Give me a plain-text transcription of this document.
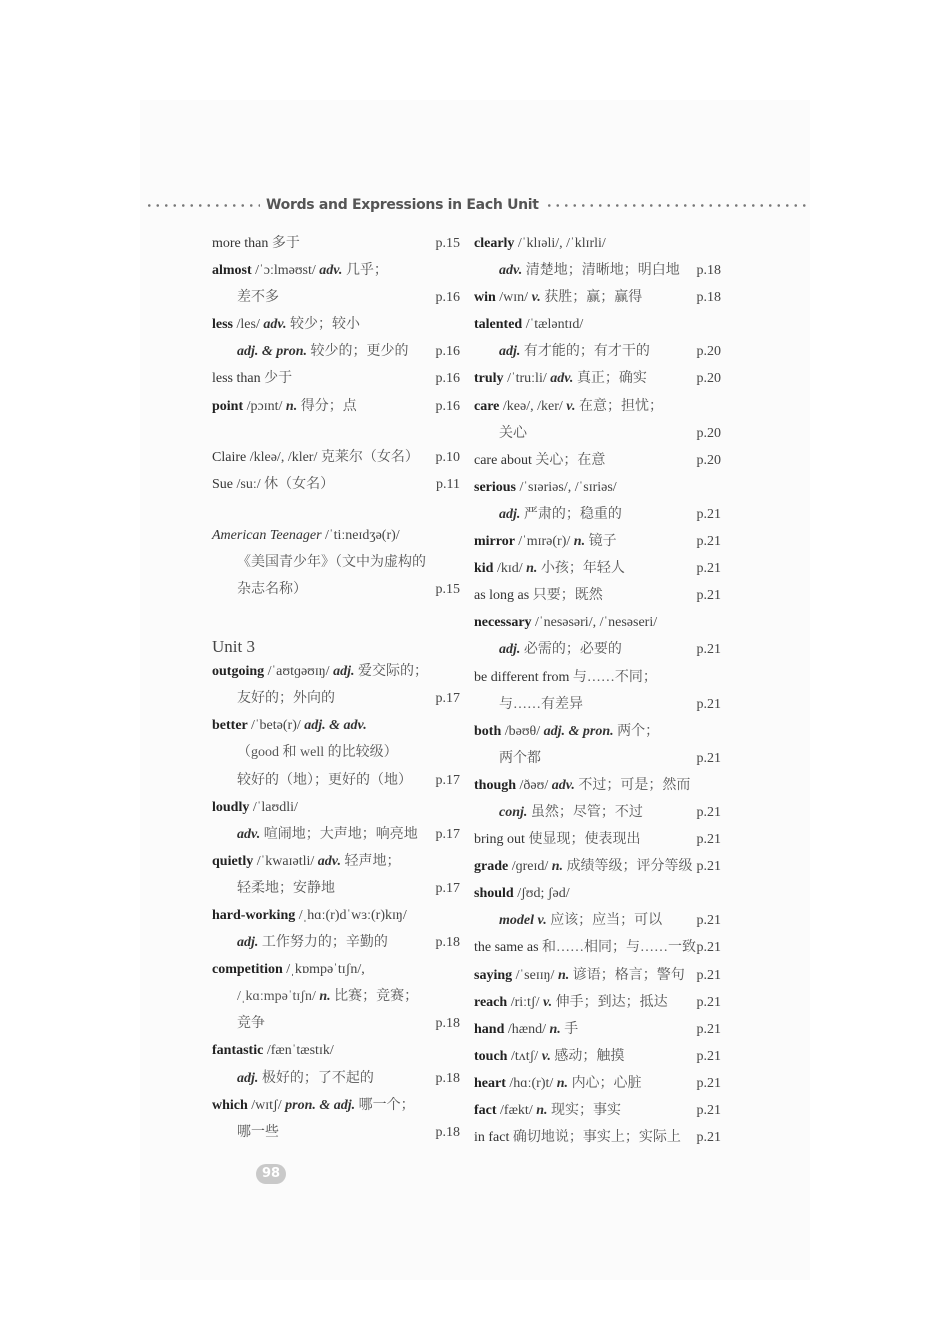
Words and Expressions in Each Unit
more than 多于	p.15
almost /ˈɔːlməʊst/ adv. 几乎；
差不多	p.16
less /les/ adv. 较少；较小
adj. & pron. 较少的；更少的 p.16
less than 少于	p.16
point /pɔɪnt/ n. 得分；点	p.16
Claire /kleə/, /kler/ 克莱尔（女名） p.10
Sue /suː/ 休（女名）	p.11
American Teenager /ˈtiːneɪdʒə(r)/
《美国青少年》（文中为虚构的
杂志名称）	p.15
Unit 3
outgoing /ˈaʊtɡəʊɪŋ/ adj. 爱交际的；
友好的；外向的	p.17
better /ˈbetə(r)/ adj. & adv.
（good 和 well 的比较级）
较好的（地）；更好的（地） p.17
loudly /ˈlaʊdli/
adv. 喧闹地；大声地；响亮地 p.17
quietly /ˈkwaɪətli/ adv. 轻声地；
轻柔地；安静地	p.17
hard-working /ˌhɑː(r)dˈwɜː(r)kɪŋ/
adj. 工作努力的；辛勤的	p.18
competition /ˌkɒmpəˈtɪʃn/,
/ˌkɑːmpəˈtɪʃn/ n. 比赛；竞赛；
竞争	p.18
fantastic /fænˈtæstɪk/
adj. 极好的；了不起的	p.18
which /wɪtʃ/ pron. & adj. 哪一个；
哪一些	p.18
clearly /ˈklɪəli/, /ˈklɪrli/
adv. 清楚地；清晰地；明白地 p.18
win /wɪn/ v. 获胜；赢；赢得	p.18
talented /ˈtæləntɪd/
adj. 有才能的；有才干的	p.20
truly /ˈtruːli/ adv. 真正；确实	p.20
care /keə/, /ker/ v. 在意；担忧；
关心	p.20
care about 关心；在意	p.20
serious /ˈsɪəriəs/, /ˈsɪriəs/
adj. 严肃的；稳重的	p.21
mirror /ˈmɪrə(r)/ n. 镜子	p.21
kid /kɪd/ n. 小孩；年轻人	p.21
as long as 只要；既然	p.21
necessary /ˈnesəsəri/, /ˈnesəseri/
adj. 必需的；必要的	p.21
be different from 与……不同；
与……有差异	p.21
both /bəʊθ/ adj. & pron. 两个；
两个都	p.21
though /ðəʊ/ adv. 不过；可是；然而
conj. 虽然；尽管；不过	p.21
bring out 使显现；使表现出	p.21
grade /ɡreɪd/ n. 成绩等级；评分等级 p.21
should /ʃʊd; ʃəd/
model v. 应该；应当；可以 p.21
the same as 和……相同；与……一致 p.21
saying /ˈseɪɪŋ/ n. 谚语；格言；警句 p.21
reach /riːtʃ/ v. 伸手；到达；抵达 p.21
hand /hænd/ n. 手	p.21
touch /tʌtʃ/ v. 感动；触摸	p.21
heart /hɑː(r)t/ n. 内心；心脏	p.21
fact /fækt/ n. 现实；事实	p.21
in fact 确切地说；事实上；实际上 p.21
98
